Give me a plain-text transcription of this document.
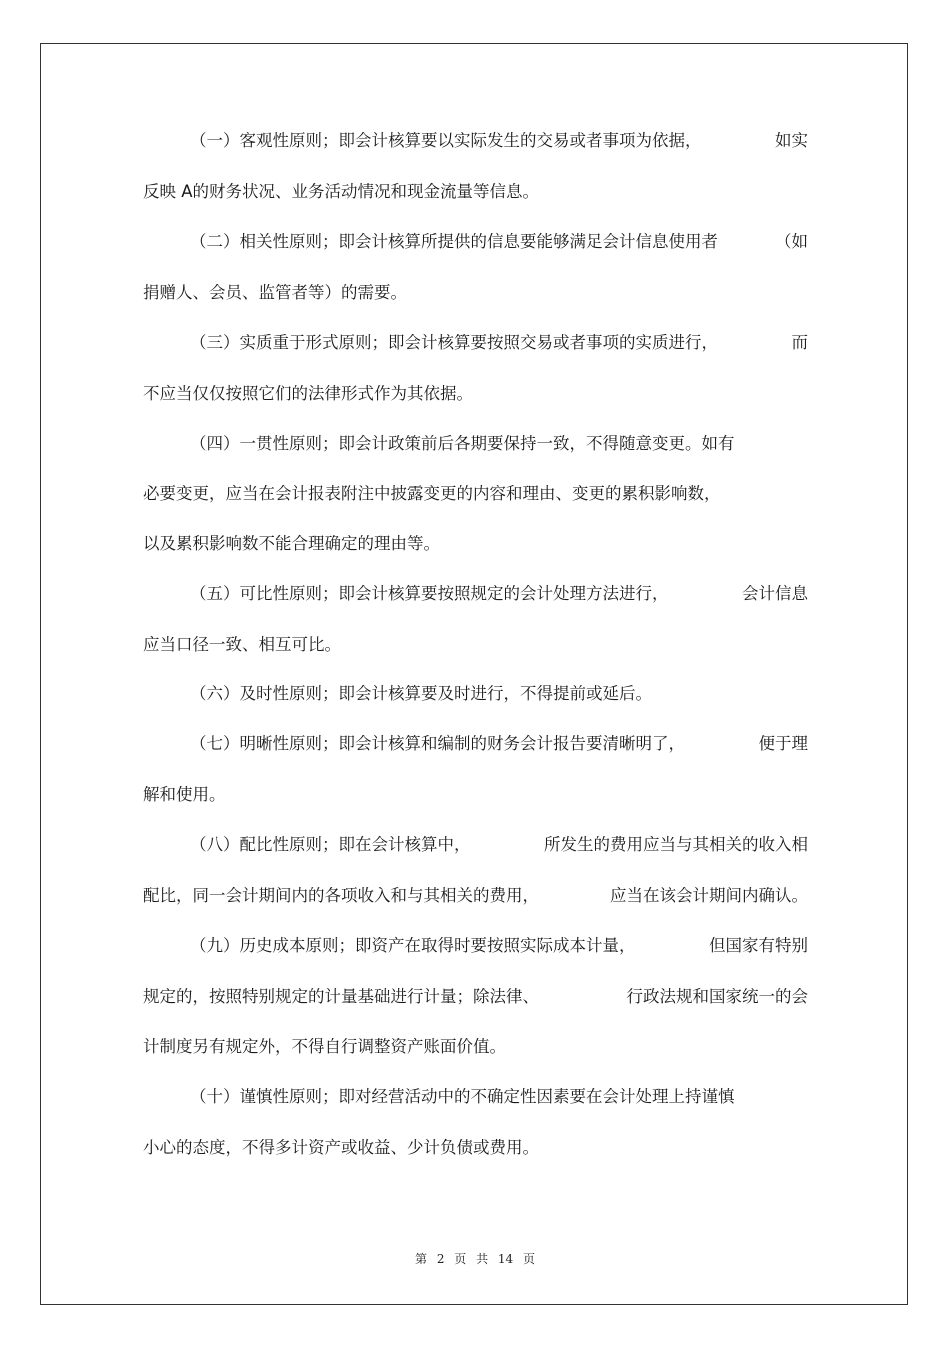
（一）客观性原则；即会计核算要以实际发生的交易或者事项为依据，	如实
反映 A的财务状况、业务活动情况和现金流量等信息。
（二）相关性原则；即会计核算所提供的信息要能够满足会计信息使用者	（如
捐赠人、会员、监管者等）的需要。
（三）实质重于形式原则；即会计核算要按照交易或者事项的实质进行，	而
不应当仅仅按照它们的法律形式作为其依据。
（四）一贯性原则；即会计政策前后各期要保持一致，不得随意变更。如有
必要变更，应当在会计报表附注中披露变更的内容和理由、变更的累积影响数，
以及累积影响数不能合理确定的理由等。
（五）可比性原则；即会计核算要按照规定的会计处理方法进行，	会计信息
应当口径一致、相互可比。
（六）及时性原则；即会计核算要及时进行，不得提前或延后。
（七）明晰性原则；即会计核算和编制的财务会计报告要清晰明了，	便于理
解和使用。
（八）配比性原则；即在会计核算中，	所发生的费用应当与其相关的收入相
配比，同一会计期间内的各项收入和与其相关的费用，	应当在该会计期间内确认。
（九）历史成本原则；即资产在取得时要按照实际成本计量，	但国家有特别
规定的，按照特别规定的计量基础进行计量；除法律、	行政法规和国家统一的会
计制度另有规定外，不得自行调整资产账面价值。
（十）谨慎性原则；即对经营活动中的不确定性因素要在会计处理上持谨慎
小心的态度，不得多计资产或收益、少计负债或费用。
第 2 页 共 14 页
